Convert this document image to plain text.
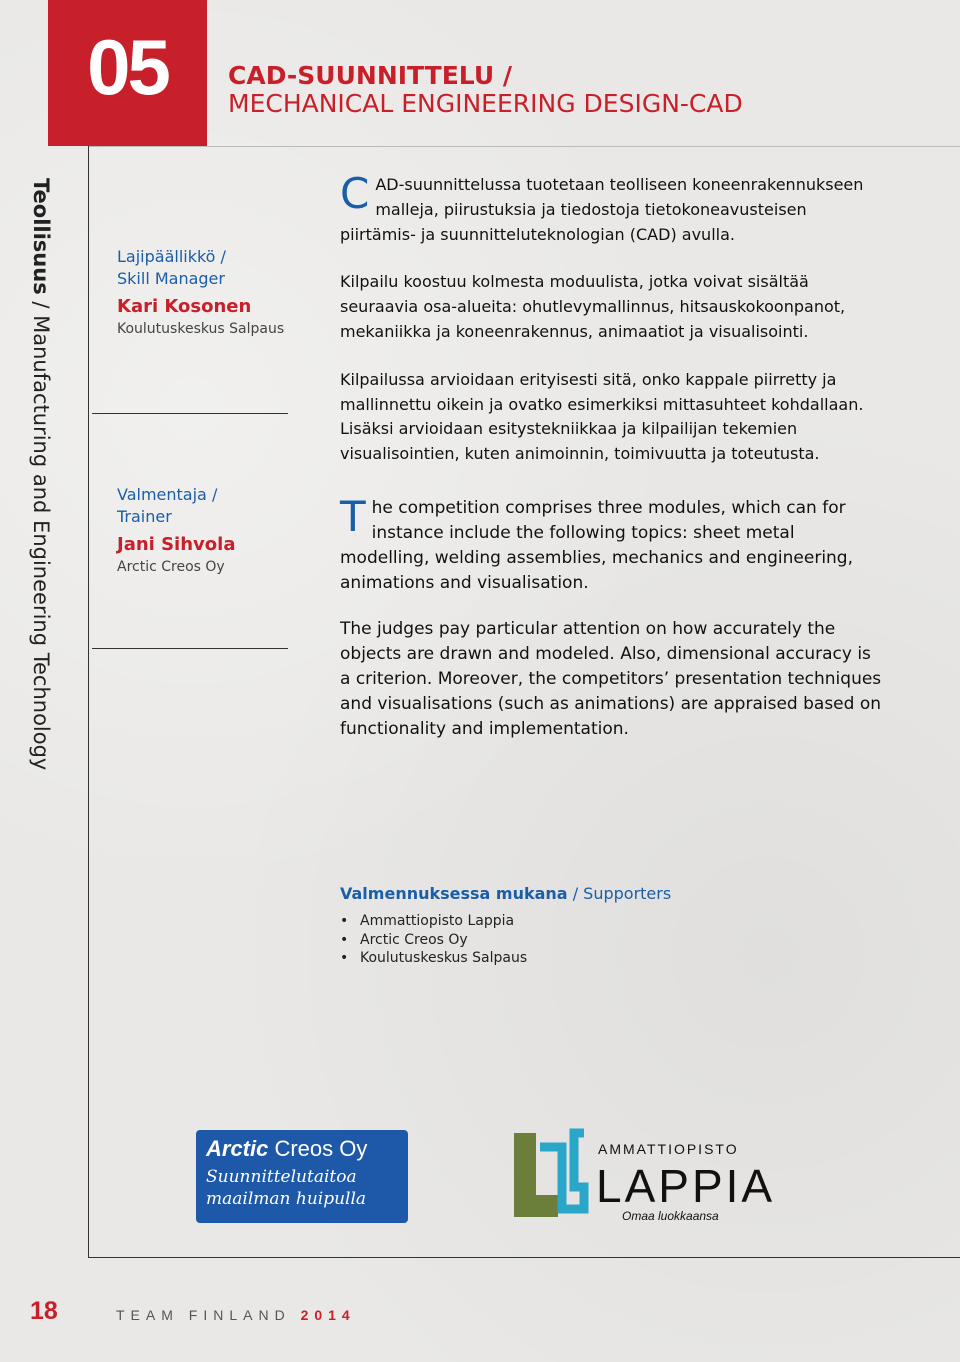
05	CAD-SUUNNITTELU /
MECHANICAL ENGINEERING DESIGN-CAD
Teollisuus / Manufacturing and Engineering Technology
Lajipäällikkö /
Skill Manager
Kari Kosonen
Koulutuskeskus Salpaus
Valmentaja /
Trainer
Jani Sihvola
Arctic Creos Oy

CAD-suunnittelussa tuotetaan teolliseen koneenrakennukseen malleja, piirustuksia ja tiedostoja tietokoneavusteisen piirtämis- ja suunnitteluteknologian (CAD) avulla.

Kilpailu koostuu kolmesta moduulista, jotka voivat sisältää seuraavia osa-alueita: ohutlevymallinnus, hitsauskokoonpanot, mekaniikka ja koneenrakennus, animaatiot ja visualisointi.

Kilpailussa arvioidaan erityisesti sitä, onko kappale piirretty ja mallinnettu oikein ja ovatko esimerkiksi mittasuhteet kohdallaan. Lisäksi arvioidaan esitystekniikkaa ja kilpailijan tekemien visualisointien, kuten animoinnin, toimivuutta ja toteutusta.

The competition comprises three modules, which can for instance include the following topics: sheet metal modelling, welding assemblies, mechanics and engineering, animations and visualisation.

The judges pay particular attention on how accurately the objects are drawn and modeled. Also, dimensional accuracy is a criterion. Moreover, the competitors’ presentation techniques and visualisations (such as animations) are appraised based on functionality and implementation.

Valmennuksessa mukana / Supporters
• Ammattiopisto Lappia
• Arctic Creos Oy
• Koulutuskeskus Salpaus
Arctic Creos Oy
Suunnittelutaitoa
maailman huipulla
AMMATTIOPISTO
LAPPIA
Omaa luokkaansa
18	TEAM FINLAND 2014
